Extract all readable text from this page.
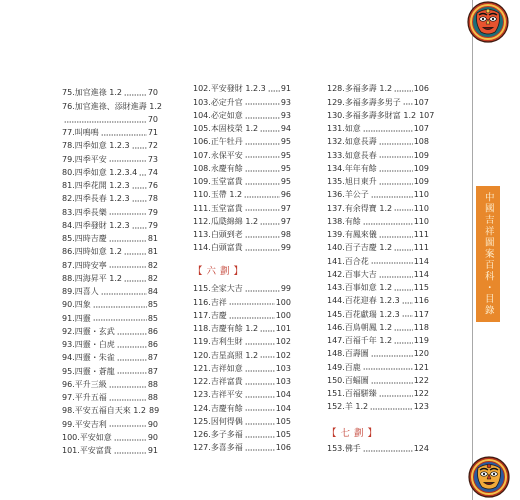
75.加官進祿 1.2	70
76.加官進祿、添財進壽 1.2
70
77.叫鳴鳴	71
78.四季如意 1.2.3 72
79.四季平安	73
80.四季如意 1.2.3.4 74
81.四季花開 1.2.3 76
82.四季長春 1.2.3 78
83.四季長樂	79
84.四季發財 1.2.3 79
85.四時吉慶	81
86.四時如意 1.2	81
87.四時安寧	82
88.四海昇平 1.2	82
89.四喜人	84
90.四象	85
91.四靈	85
92.四靈・玄武	86
93.四靈・白虎	86
94.四靈・朱雀	87
95.四靈・蒼龍	87
96.平升三級	88
97.平升五福	88
98.平安五福自天來 1.2 89
99.平安吉利	90
100.平安如意	90
101.平安富貴	91
102.平安發財 1.2.3 91
103.必定升官	93
104.必定如意	93
105.本固枝榮 1.2	94
106.正午牡丹	95
107.永保平安	95
108.永慶有餘	95
109.玉堂富貴	95
110.玉帶 1.2	96
111.玉堂富貴	97
112.瓜瓞綿綿 1.2	97
113.白頭到老	98
114.白頭富貴	99
【 六 劃 】
115.全家大吉	99
116.吉祥	100
117.吉慶	100
118.吉慶有餘 1.2 101
119.吉利生財	102
120.吉星高照 1.2 102
121.吉祥如意	103
122.吉祥富貴	103
123.吉祥平安	104
124.吉慶有餘	104
125.因何得偶	105
126.多子多福	105
127.多喜多福	106
128.多福多壽 1.2	106
129.多福多壽多男子 107
130.多福多壽多財富 1.2 107
131.如意	107
132.如意長壽	108
133.如意長春	109
134.年年有餘	109
135.旭日東升	109
136.羊公子	110
137.有余得寶 1.2	110
138.有餘	110
139.有鳳來儀	111
140.百子吉慶 1.2	111
141.百合花	114
142.百事大吉	114
143.百事如意 1.2	115
144.百花迎春 1.2.3 116
145.百花獻瑞 1.2.3 117
146.百鳥朝鳳 1.2	118
147.百福千年 1.2	119
148.百壽圖	120
149.百鹿	121
150.百蝠圖	122
151.百福駢臻	122
152.羊 1.2	123
【 七 劃 】
153.佛手	124
中國吉祥圖案百科・目錄
